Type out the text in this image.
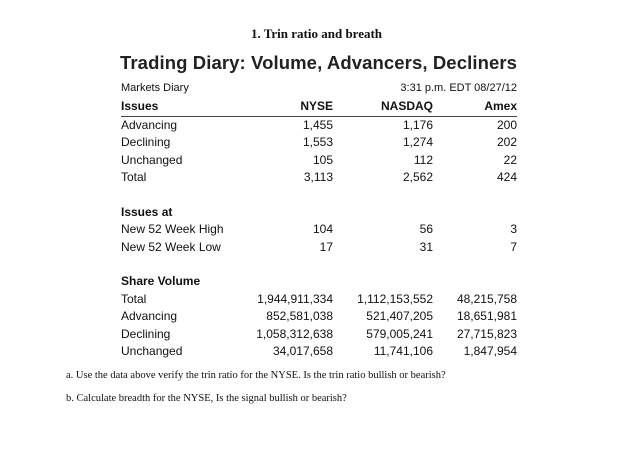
1. Trin ratio and breath
Trading Diary: Volume, Advancers, Decliners
Markets Diary	3:31 p.m. EDT 08/27/12
Issues	NYSE	NASDAQ	Amex
Advancing	1,455	1,176	200
Declining	1,553	1,274	202
Unchanged	105	112	22
Total	3,113	2,562	424

Issues at			
New 52 Week High	104	56	3
New 52 Week Low	17	31	7

Share Volume			
Total	1,944,911,334	1,112,153,552	48,215,758
Advancing	852,581,038	521,407,205	18,651,981
Declining	1,058,312,638	579,005,241	27,715,823
Unchanged	34,017,658	11,741,106	1,847,954
a. Use the data above verify the trin ratio for the NYSE. Is the trin ratio bullish or bearish?
b. Calculate breadth for the NYSE, Is the signal bullish or bearish?
